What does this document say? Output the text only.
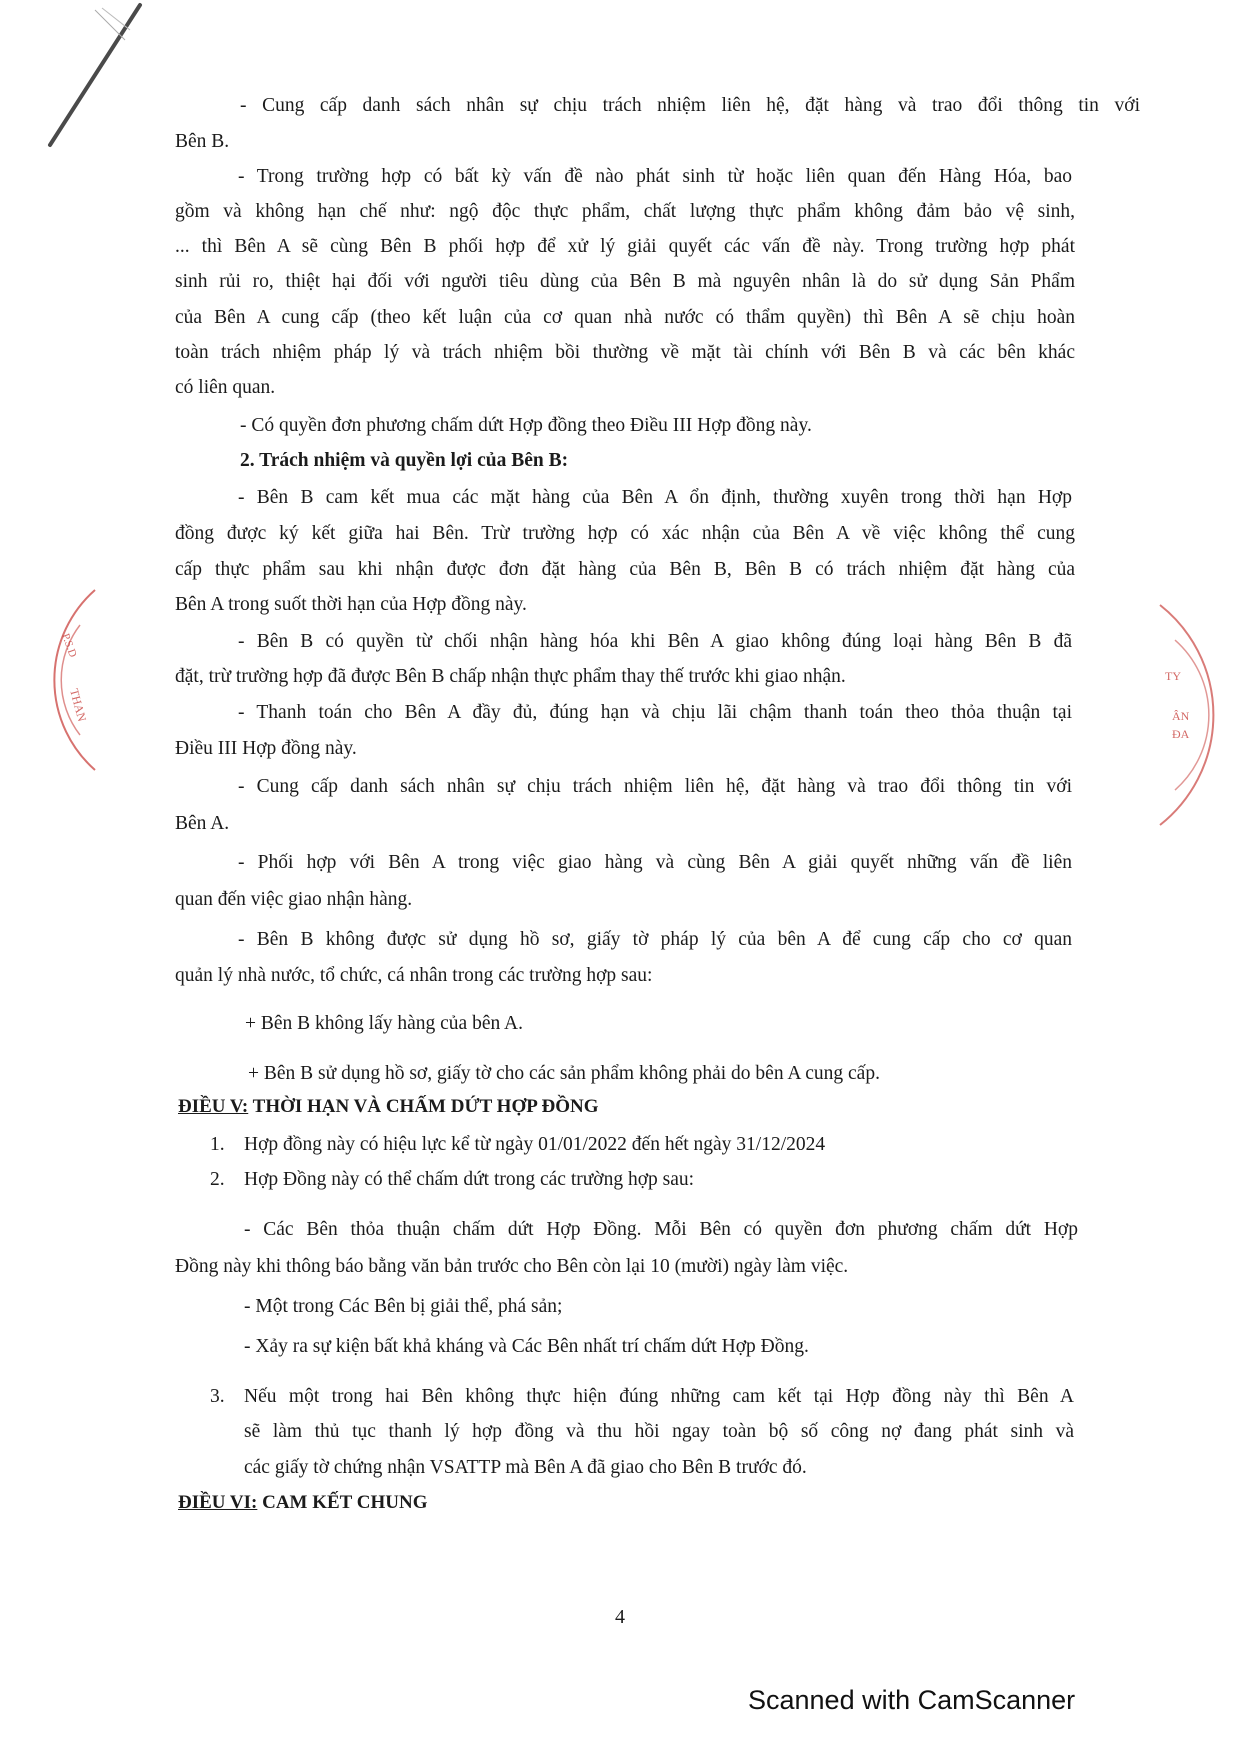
P.S.D
THAN
TY
ÂN
ĐA
- Cung cấp danh sách nhân sự chịu trách nhiệm liên hệ, đặt hàng và trao đổi thông tin với
Bên B.
- Trong trường hợp có bất kỳ vấn đề nào phát sinh từ hoặc liên quan đến Hàng Hóa, bao
gồm và không hạn chế như: ngộ độc thực phẩm, chất lượng thực phẩm không đảm bảo vệ sinh,
... thì Bên A sẽ cùng Bên B phối hợp để xử lý giải quyết các vấn đề này. Trong trường hợp phát
sinh rủi ro, thiệt hại đối với người tiêu dùng của Bên B mà nguyên nhân là do sử dụng Sản Phẩm
của Bên A cung cấp (theo kết luận của cơ quan nhà nước có thẩm quyền) thì Bên A sẽ chịu hoàn
toàn trách nhiệm pháp lý và trách nhiệm bồi thường về mặt tài chính với Bên B và các bên khác
có liên quan.
- Có quyền đơn phương chấm dứt Hợp đồng theo Điều III Hợp đồng này.
2. Trách nhiệm và quyền lợi của Bên B:
- Bên B cam kết mua các mặt hàng của Bên A ổn định, thường xuyên trong thời hạn Hợp
đồng được ký kết giữa hai Bên. Trừ trường hợp có xác nhận của Bên A về việc không thể cung
cấp thực phẩm sau khi nhận được đơn đặt hàng của Bên B, Bên B có trách nhiệm đặt hàng của
Bên A trong suốt thời hạn của Hợp đồng này.
- Bên B có quyền từ chối nhận hàng hóa khi Bên A giao không đúng loại hàng Bên B đã
đặt, trừ trường hợp đã được Bên B chấp nhận thực phẩm thay thế trước khi giao nhận.
- Thanh toán cho Bên A đầy đủ, đúng hạn và chịu lãi chậm thanh toán theo thỏa thuận tại
Điều III Hợp đồng này.
- Cung cấp danh sách nhân sự chịu trách nhiệm liên hệ, đặt hàng và trao đổi thông tin với
Bên A.
- Phối hợp với Bên A trong việc giao hàng và cùng Bên A giải quyết những vấn đề liên
quan đến việc giao nhận hàng.
- Bên B không được sử dụng hồ sơ, giấy tờ pháp lý của bên A để cung cấp cho cơ quan
quản lý nhà nước, tổ chức, cá nhân trong các trường hợp sau:
+ Bên B không lấy hàng của bên A.
+ Bên B sử dụng hồ sơ, giấy tờ cho các sản phẩm không phải do bên A cung cấp.
ĐIỀU V: THỜI HẠN VÀ CHẤM DỨT HỢP ĐỒNG
1. Hợp đồng này có hiệu lực kể từ ngày 01/01/2022 đến hết ngày 31/12/2024
2. Hợp Đồng này có thể chấm dứt trong các trường hợp sau:
- Các Bên thỏa thuận chấm dứt Hợp Đồng. Mỗi Bên có quyền đơn phương chấm dứt Hợp
Đồng này khi thông báo bằng văn bản trước cho Bên còn lại 10 (mười) ngày làm việc.
- Một trong Các Bên bị giải thể, phá sản;
- Xảy ra sự kiện bất khả kháng và Các Bên nhất trí chấm dứt Hợp Đồng.
3. Nếu một trong hai Bên không thực hiện đúng những cam kết tại Hợp đồng này thì Bên A
sẽ làm thủ tục thanh lý hợp đồng và thu hồi ngay toàn bộ số công nợ đang phát sinh và
các giấy tờ chứng nhận VSATTP mà Bên A đã giao cho Bên B trước đó.
ĐIỀU VI: CAM KẾT CHUNG
4
Scanned with CamScanner
